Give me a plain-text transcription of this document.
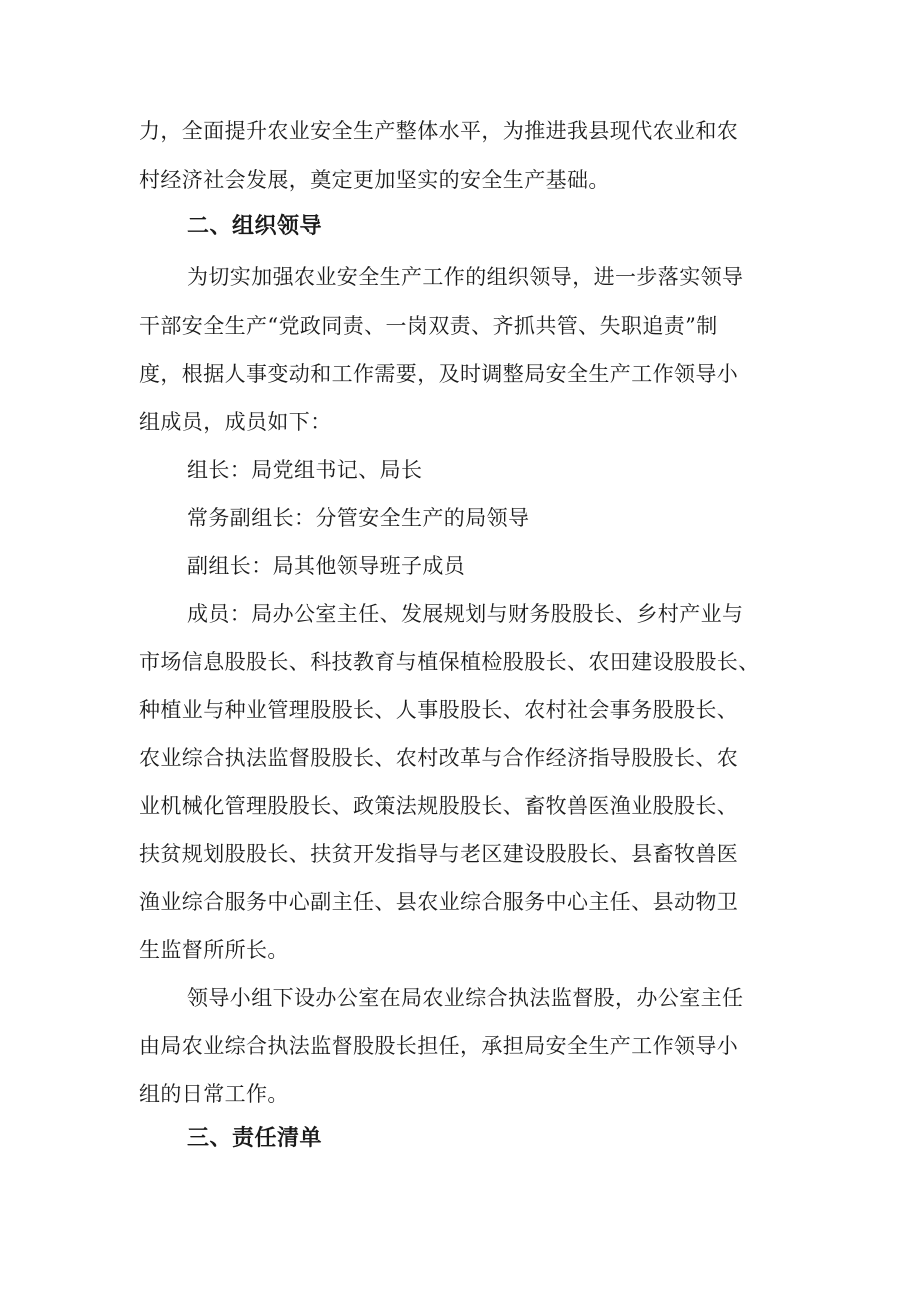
力，全面提升农业安全生产整体水平，为推进我县现代农业和农
村经济社会发展，奠定更加坚实的安全生产基础。
二、组织领导
为切实加强农业安全生产工作的组织领导，进一步落实领导
干部安全生产“党政同责、一岗双责、齐抓共管、失职追责”制
度，根据人事变动和工作需要，及时调整局安全生产工作领导小
组成员，成员如下：
组长：局党组书记、局长
常务副组长：分管安全生产的局领导
副组长：局其他领导班子成员
成员：局办公室主任、发展规划与财务股股长、乡村产业与
市场信息股股长、科技教育与植保植检股股长、农田建设股股长、
种植业与种业管理股股长、人事股股长、农村社会事务股股长、
农业综合执法监督股股长、农村改革与合作经济指导股股长、农
业机械化管理股股长、政策法规股股长、畜牧兽医渔业股股长、
扶贫规划股股长、扶贫开发指导与老区建设股股长、县畜牧兽医
渔业综合服务中心副主任、县农业综合服务中心主任、县动物卫
生监督所所长。
领导小组下设办公室在局农业综合执法监督股，办公室主任
由局农业综合执法监督股股长担任，承担局安全生产工作领导小
组的日常工作。
三、责任清单
